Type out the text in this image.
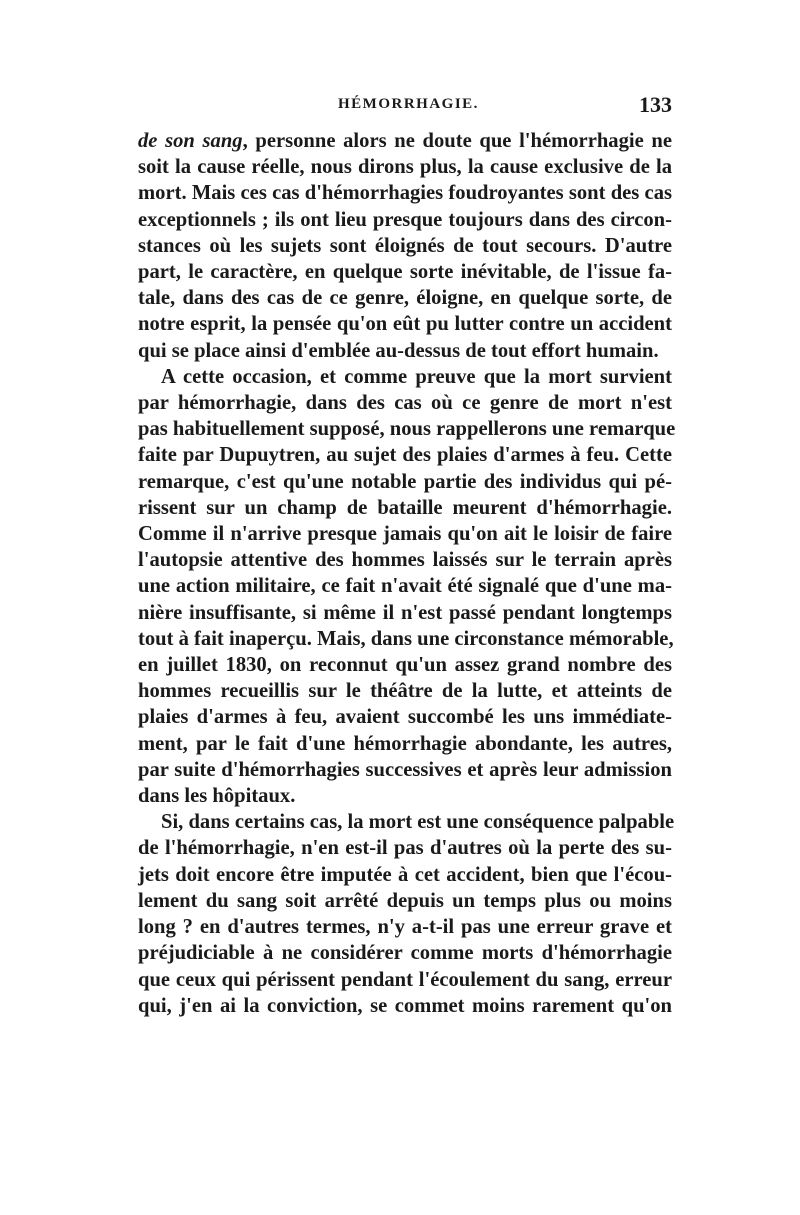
HÉMORRHAGIE.	133
de son sang, personne alors ne doute que l'hémorrhagie ne
soit la cause réelle, nous dirons plus, la cause exclusive de la
mort. Mais ces cas d'hémorrhagies foudroyantes sont des cas
exceptionnels ; ils ont lieu presque toujours dans des circon-
stances où les sujets sont éloignés de tout secours. D'autre
part, le caractère, en quelque sorte inévitable, de l'issue fa-
tale, dans des cas de ce genre, éloigne, en quelque sorte, de
notre esprit, la pensée qu'on eût pu lutter contre un accident
qui se place ainsi d'emblée au-dessus de tout effort humain.
A cette occasion, et comme preuve que la mort survient
par hémorrhagie, dans des cas où ce genre de mort n'est
pas habituellement supposé, nous rappellerons une remarque
faite par Dupuytren, au sujet des plaies d'armes à feu. Cette
remarque, c'est qu'une notable partie des individus qui pé-
rissent sur un champ de bataille meurent d'hémorrhagie.
Comme il n'arrive presque jamais qu'on ait le loisir de faire
l'autopsie attentive des hommes laissés sur le terrain après
une action militaire, ce fait n'avait été signalé que d'une ma-
nière insuffisante, si même il n'est passé pendant longtemps
tout à fait inaperçu. Mais, dans une circonstance mémorable,
en juillet 1830, on reconnut qu'un assez grand nombre des
hommes recueillis sur le théâtre de la lutte, et atteints de
plaies d'armes à feu, avaient succombé les uns immédiate-
ment, par le fait d'une hémorrhagie abondante, les autres,
par suite d'hémorrhagies successives et après leur admission
dans les hôpitaux.
Si, dans certains cas, la mort est une conséquence palpable
de l'hémorrhagie, n'en est-il pas d'autres où la perte des su-
jets doit encore être imputée à cet accident, bien que l'écou-
lement du sang soit arrêté depuis un temps plus ou moins
long ? en d'autres termes, n'y a-t-il pas une erreur grave et
préjudiciable à ne considérer comme morts d'hémorrhagie
que ceux qui périssent pendant l'écoulement du sang, erreur
qui, j'en ai la conviction, se commet moins rarement qu'on
